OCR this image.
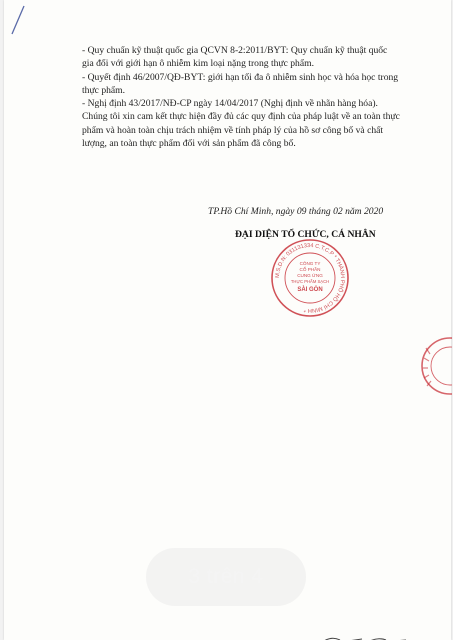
- Quy chuẩn kỹ thuật quốc gia QCVN 8-2:2011/BYT: Quy chuẩn kỹ thuật quốc gia đối với giới hạn ô nhiễm kim loại nặng trong thực phẩm.

- Quyết định 46/2007/QĐ-BYT: giới hạn tối đa ô nhiễm sinh học và hóa học trong thực phẩm.

- Nghị định 43/2017/NĐ-CP ngày 14/04/2017 (Nghị định về nhãn hàng hóa).

Chúng tôi xin cam kết thực hiện đầy đủ các quy định của pháp luật về an toàn thực phẩm và hoàn toàn chịu trách nhiệm về tính pháp lý của hồ sơ công bố và chất lượng, an toàn thực phẩm đối với sản phẩm đã công bố.

TP.Hồ Chí Minh, ngày 09 tháng 02 năm 2020
ĐẠI DIỆN TỔ CHỨC, CÁ NHÂN
M.S.D.N: 031131334 C.T.C.P * THÀNH PHỐ HỒ CHÍ MINH *
CÔNG TY
CỔ PHẦN
CUNG ỨNG
THỰC PHẨM SẠCH
SÀI GÒN
3 trên 4
